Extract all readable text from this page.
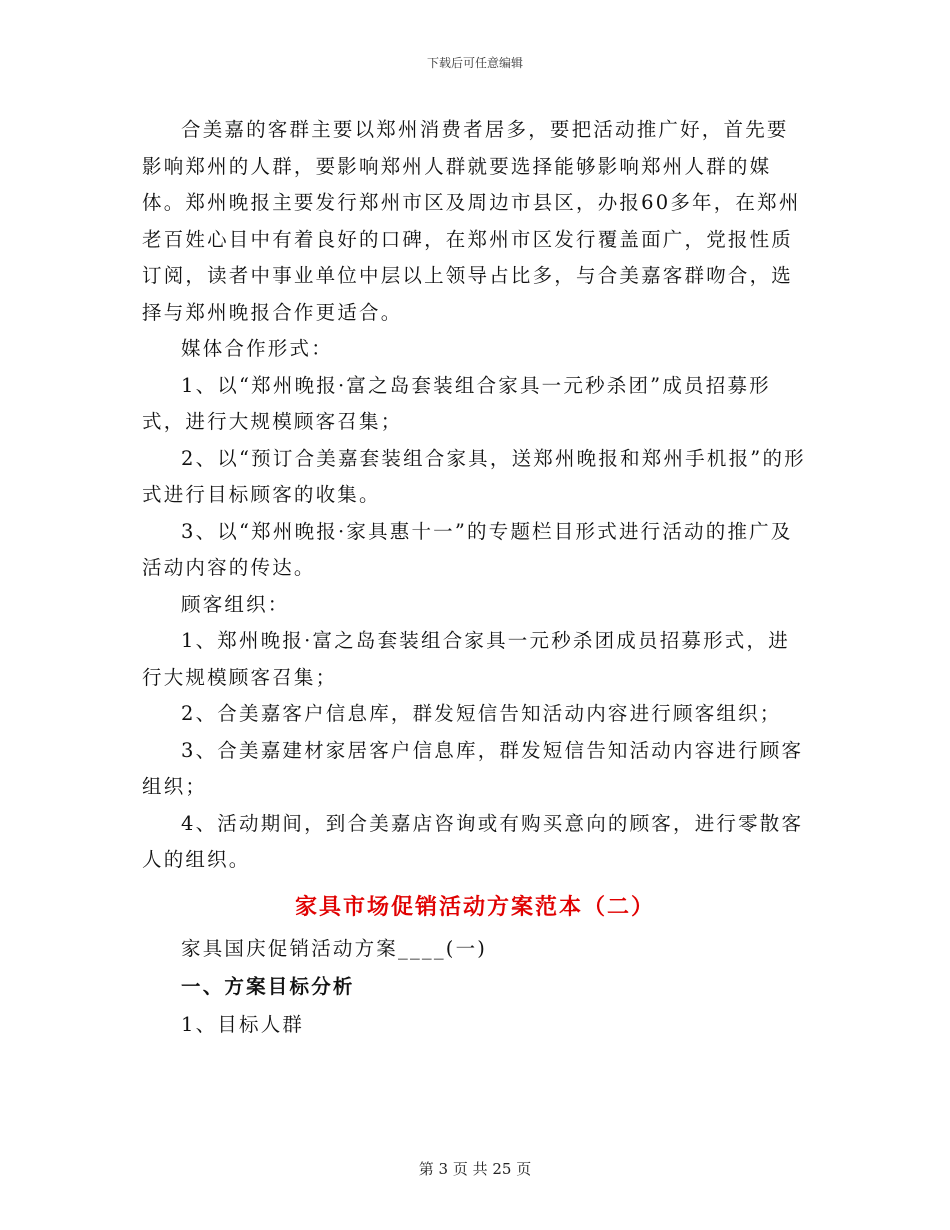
下载后可任意编辑

合美嘉的客群主要以郑州消费者居多，要把活动推广好，首先要影响郑州的人群，要影响郑州人群就要选择能够影响郑州人群的媒体。郑州晚报主要发行郑州市区及周边市县区，办报60多年，在郑州老百姓心目中有着良好的口碑，在郑州市区发行覆盖面广，党报性质订阅，读者中事业单位中层以上领导占比多，与合美嘉客群吻合，选择与郑州晚报合作更适合。

媒体合作形式：

1、以“郑州晚报·富之岛套装组合家具一元秒杀团”成员招募形式，进行大规模顾客召集；

2、以“预订合美嘉套装组合家具，送郑州晚报和郑州手机报”的形式进行目标顾客的收集。

3、以“郑州晚报·家具惠十一”的专题栏目形式进行活动的推广及活动内容的传达。

顾客组织：

1、郑州晚报·富之岛套装组合家具一元秒杀团成员招募形式，进行大规模顾客召集；

2、合美嘉客户信息库，群发短信告知活动内容进行顾客组织；

3、合美嘉建材家居客户信息库，群发短信告知活动内容进行顾客组织；

4、活动期间，到合美嘉店咨询或有购买意向的顾客，进行零散客人的组织。

家具市场促销活动方案范本（二）

家具国庆促销活动方案____(一)

一、方案目标分析

1、目标人群

第 3 页 共 25 页
